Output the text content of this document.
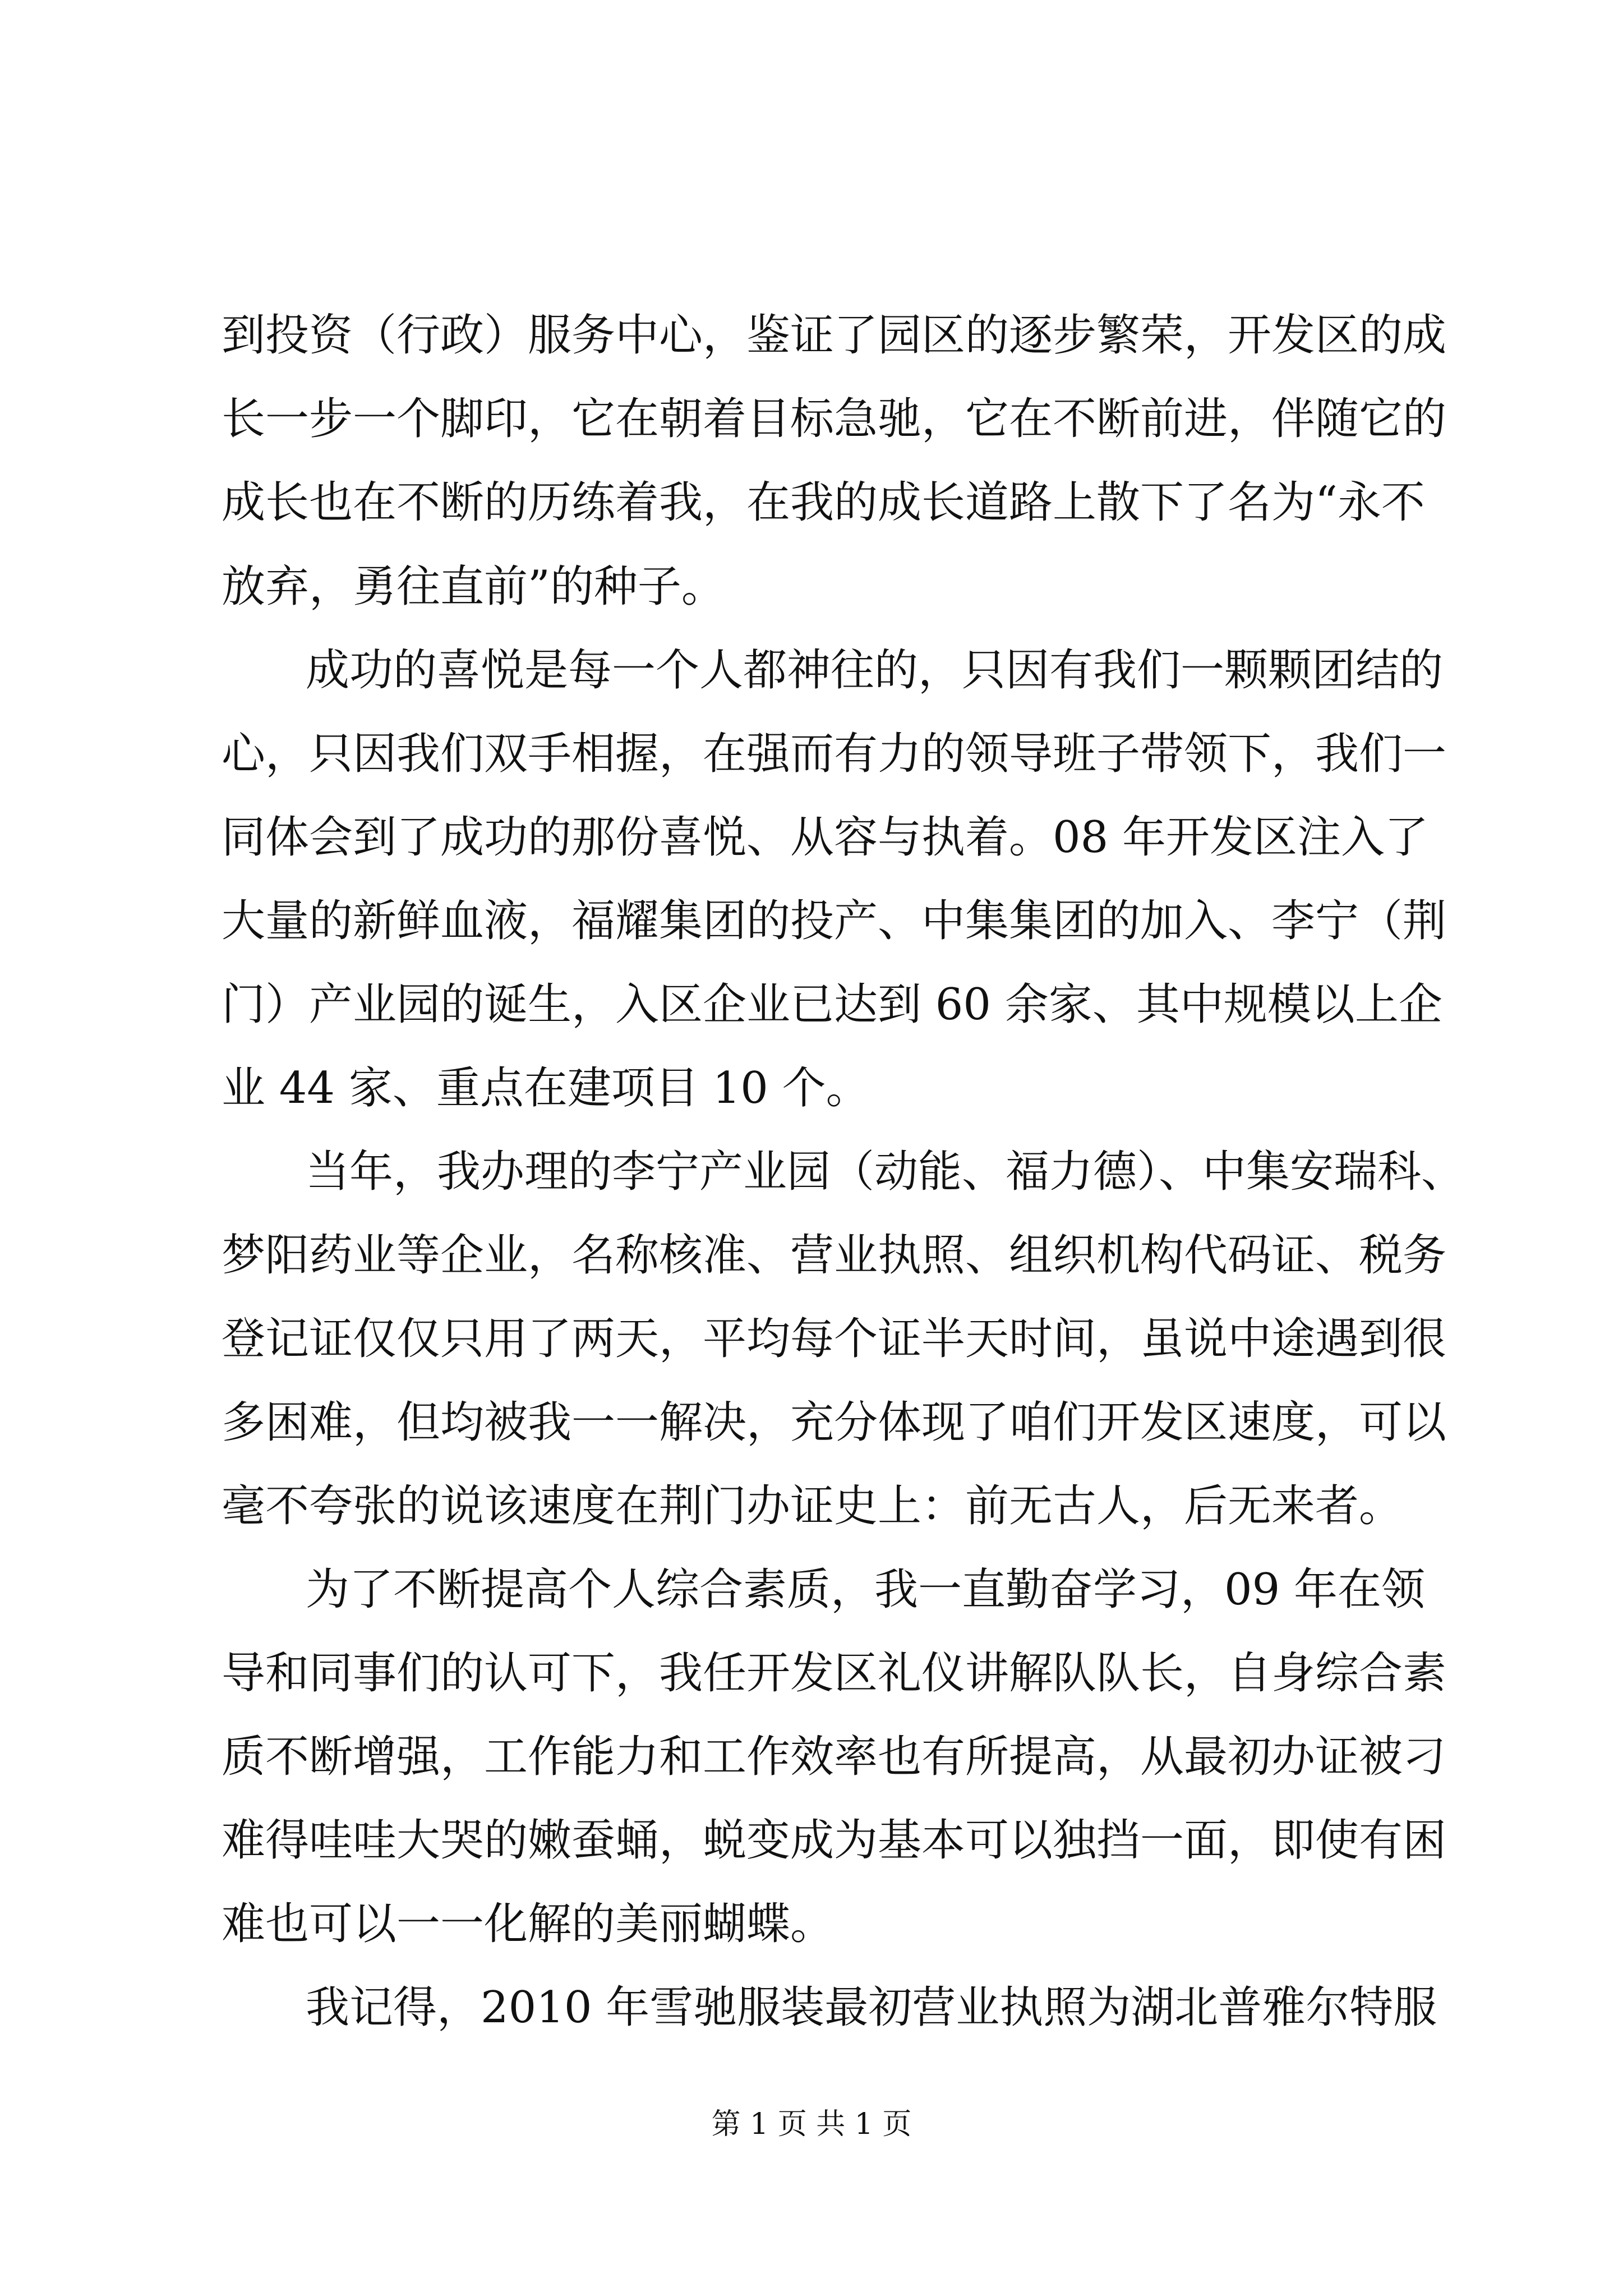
到投资（行政）服务中心，鉴证了园区的逐步繁荣，开发区的成
长一步一个脚印，它在朝着目标急驰，它在不断前进，伴随它的
成长也在不断的历练着我，在我的成长道路上散下了名为“永不
放弃，勇往直前”的种子。
成功的喜悦是每一个人都神往的，只因有我们一颗颗团结的
心，只因我们双手相握，在强而有力的领导班子带领下，我们一
同体会到了成功的那份喜悦、从容与执着。08 年开发区注入了
大量的新鲜血液，福耀集团的投产、中集集团的加入、李宁（荆
门）产业园的诞生，入区企业已达到 60 余家、其中规模以上企
业 44 家、重点在建项目 10 个。
当年，我办理的李宁产业园（动能、福力德）、中集安瑞科、
梦阳药业等企业，名称核准、营业执照、组织机构代码证、税务
登记证仅仅只用了两天，平均每个证半天时间，虽说中途遇到很
多困难，但均被我一一解决，充分体现了咱们开发区速度，可以
毫不夸张的说该速度在荆门办证史上：前无古人，后无来者。
为了不断提高个人综合素质，我一直勤奋学习，09 年在领
导和同事们的认可下，我任开发区礼仪讲解队队长，自身综合素
质不断增强，工作能力和工作效率也有所提高，从最初办证被刁
难得哇哇大哭的嫩蚕蛹，蜕变成为基本可以独挡一面，即使有困
难也可以一一化解的美丽蝴蝶。
我记得，2010 年雪驰服装最初营业执照为湖北普雅尔特服
第 1 页 共 1 页
